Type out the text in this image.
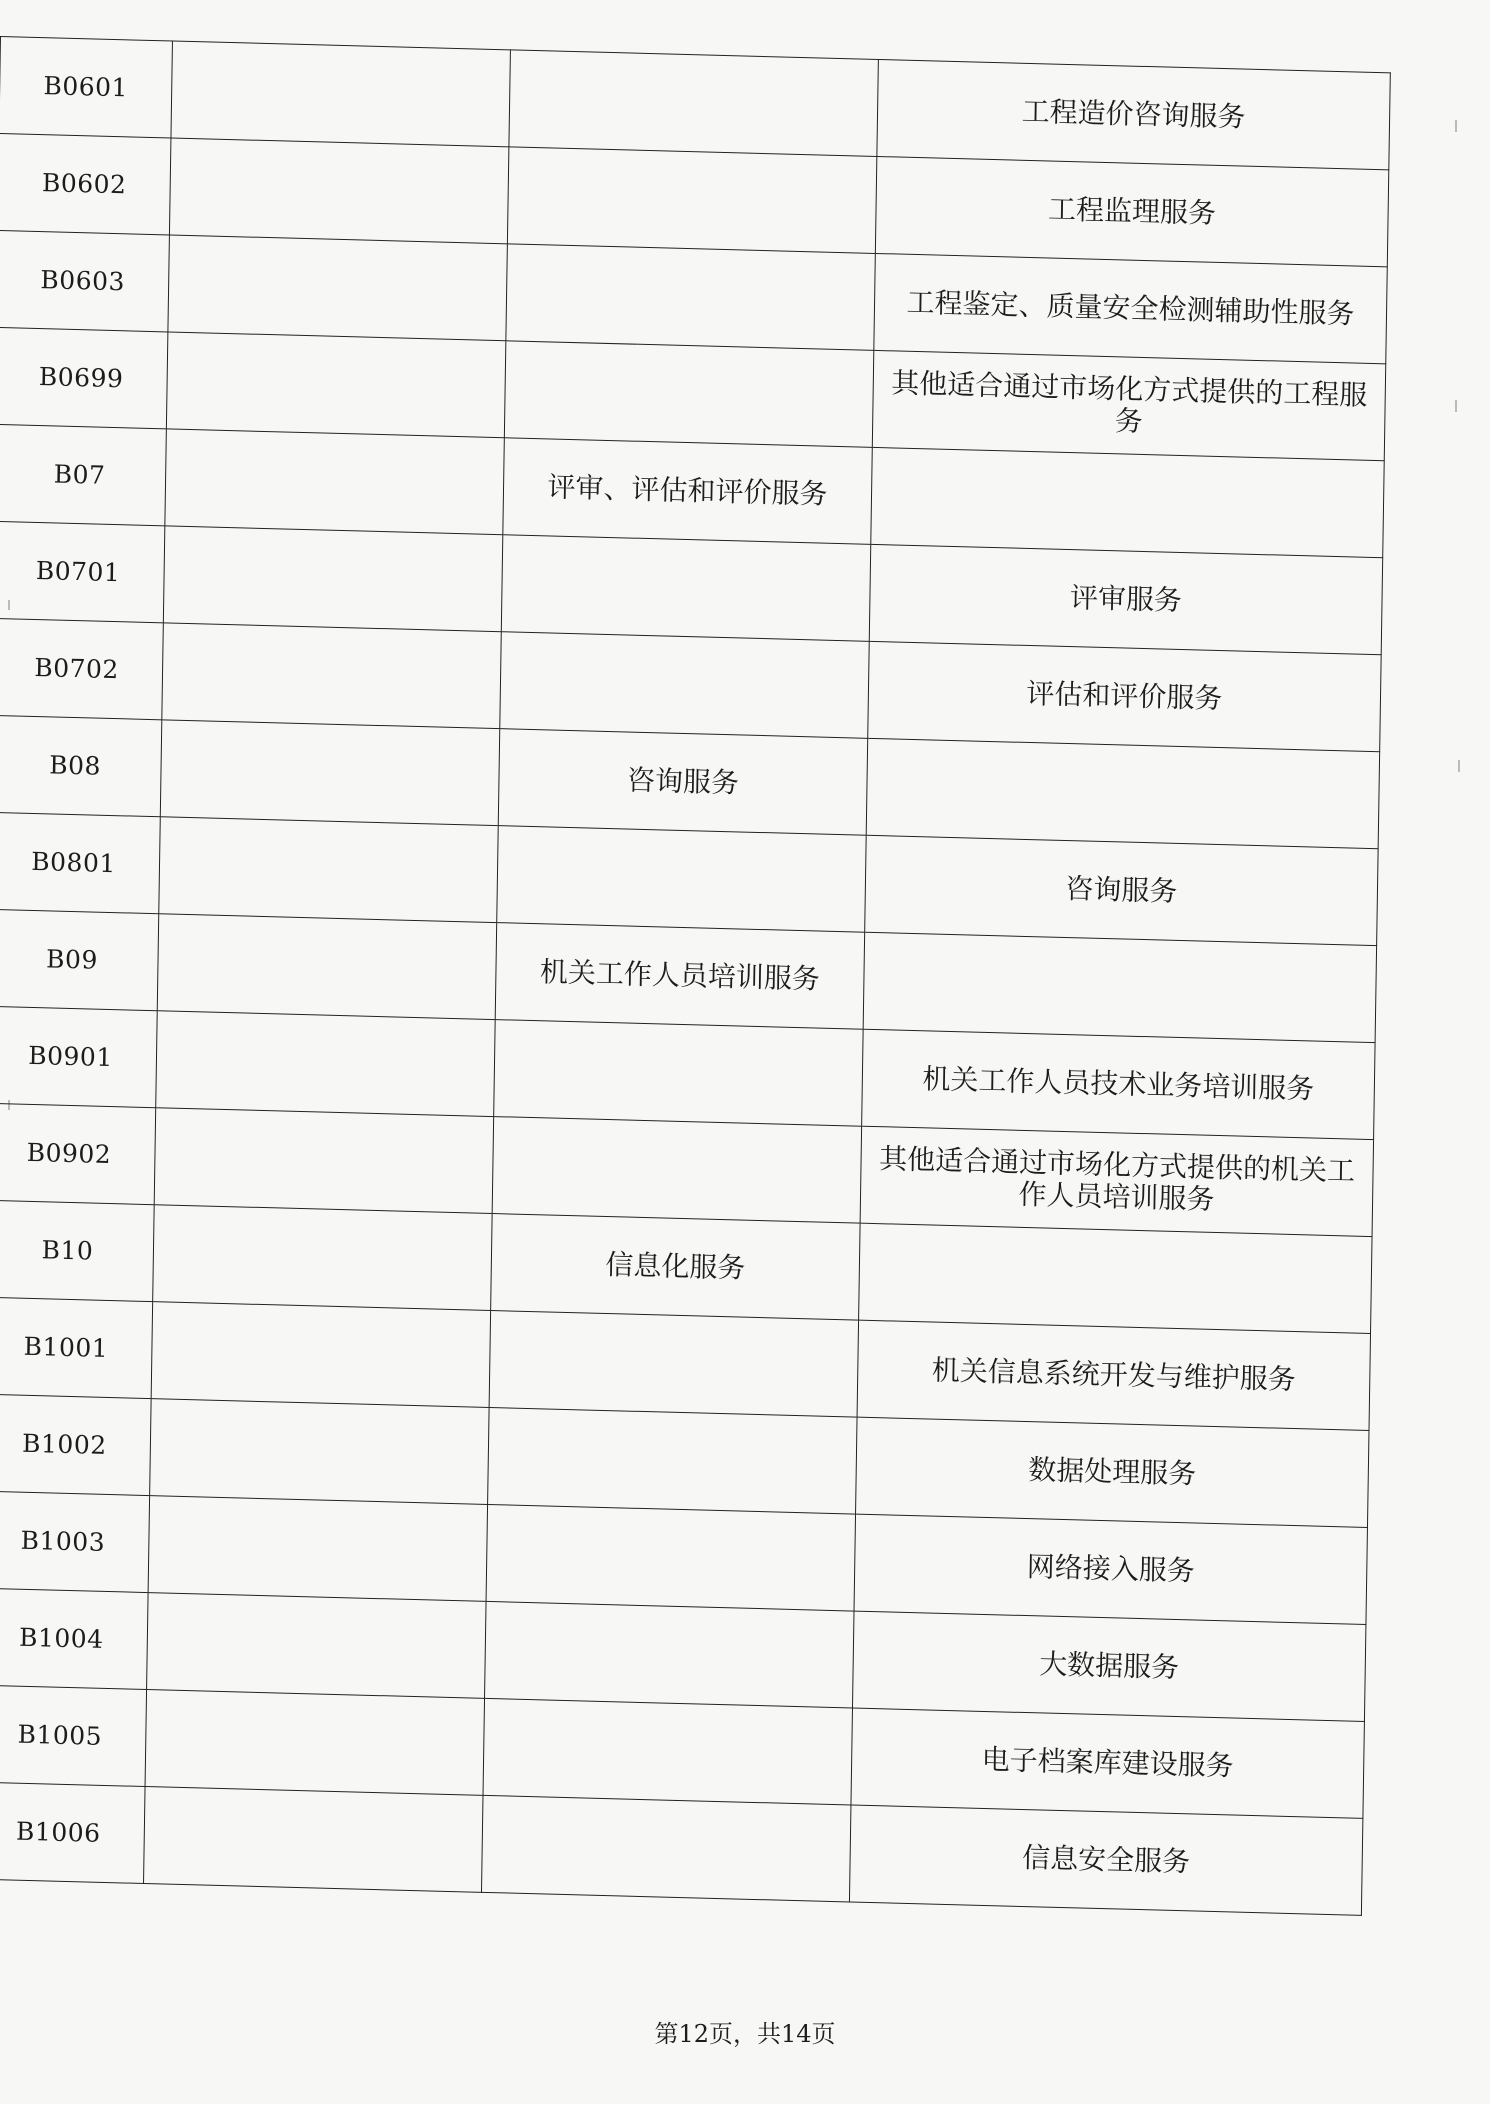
B0601			工程造价咨询服务
B0602			工程监理服务
B0603			工程鉴定、质量安全检测辅助性服务
B0699			其他适合通过市场化方式提供的工程服务
B07		评审、评估和评价服务	
B0701			评审服务
B0702			评估和评价服务
B08		咨询服务	
B0801			咨询服务
B09		机关工作人员培训服务	
B0901			机关工作人员技术业务培训服务
B0902			其他适合通过市场化方式提供的机关工作人员培训服务
B10		信息化服务	
B1001			机关信息系统开发与维护服务
B1002			数据处理服务
B1003			网络接入服务
B1004			大数据服务
B1005			电子档案库建设服务
B1006			信息安全服务
第12页，共14页
